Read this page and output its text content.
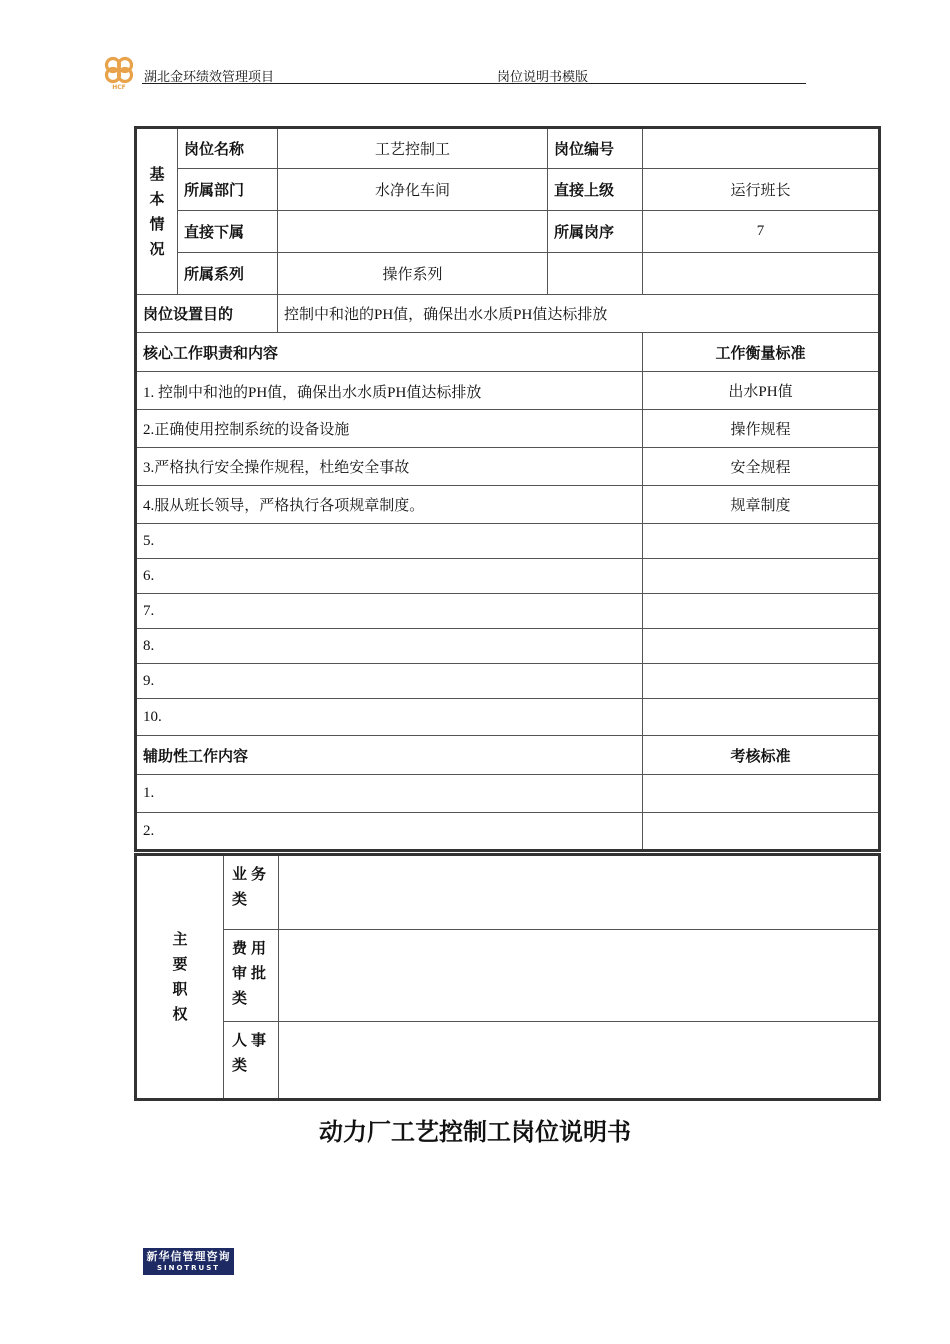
HCF
湖北金环绩效管理项目	岗位说明书模版
基本情况	岗位名称	工艺控制工	岗位编号	
	所属部门	水净化车间	直接上级	运行班长
	直接下属		所属岗序	7
	所属系列	操作系列		
岗位设置目的		控制中和池的PH值，确保出水水质PH值达标排放		
核心工作职责和内容				工作衡量标准
1. 控制中和池的PH值，确保出水水质PH值达标排放				出水PH值
2.正确使用控制系统的设备设施				操作规程
3.严格执行安全操作规程，杜绝安全事故				安全规程
4.服从班长领导，严格执行各项规章制度。				规章制度
5.				
6.				
7.				
8.				
9.				
10.				
辅助性工作内容				考核标准
1.				
2.				
主要职权	业务类	
	费用审批类	
	人事类	
动力厂工艺控制工岗位说明书
新华信管理咨询
SINOTRUST
